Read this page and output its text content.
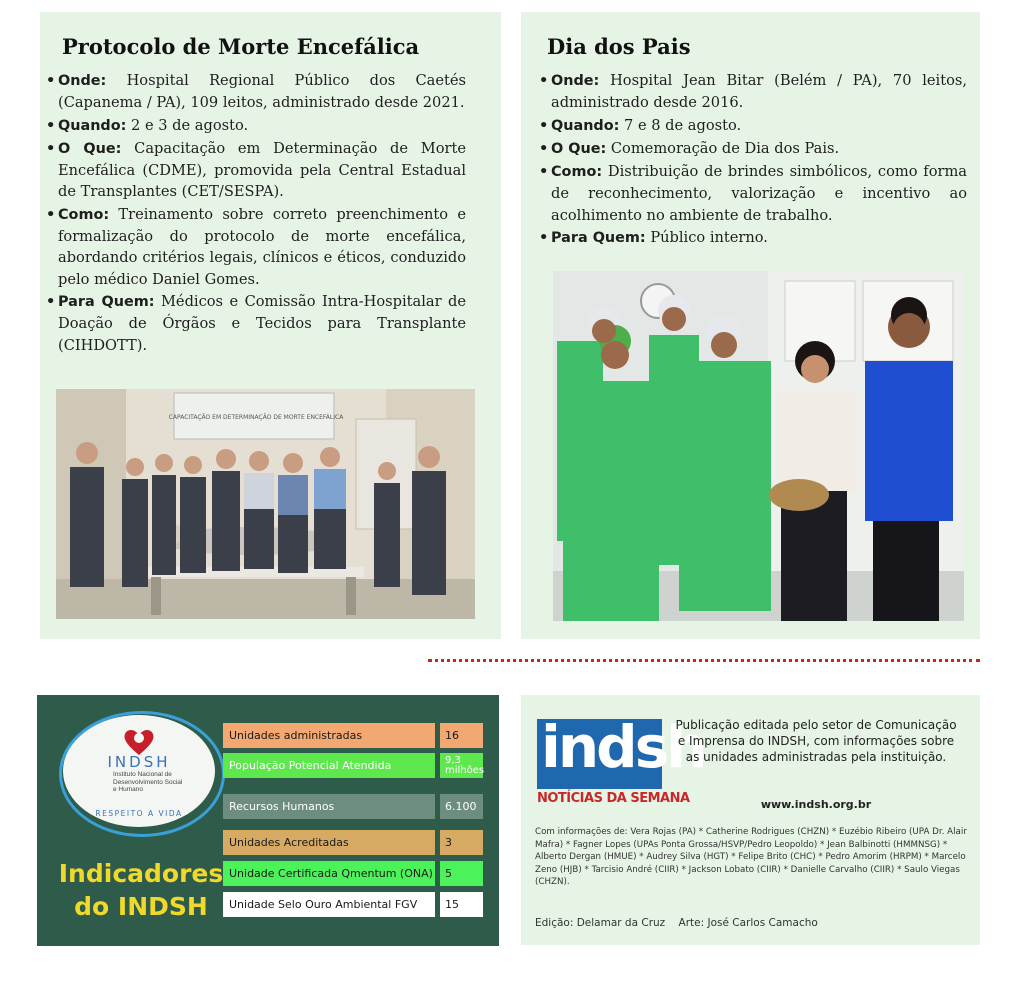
Protocolo de Morte Encefálica
• Onde: Hospital Regional Público dos Caetés (Capanema / PA), 109 leitos, administrado desde 2021.
• Quando: 2 e 3 de agosto.
• O Que: Capacitação em Determinação de Morte Encefálica (CDME), promovida pela Central Estadual de Transplantes (CET/SESPA).
• Como: Treinamento sobre correto preenchimento e formalização do protocolo de morte encefálica, abordando critérios legais, clínicos e éticos, conduzido pelo médico Daniel Gomes.
• Para Quem: Médicos e Comissão Intra-Hospitalar de Doação de Órgãos e Tecidos para Transplante (CIHDOTT).
CAPACITAÇÃO EM DETERMINAÇÃO DE MORTE ENCEFÁLICA
Dia dos Pais
• Onde: Hospital Jean Bitar (Belém / PA), 70 leitos, administrado desde 2016.
• Quando: 7 e 8 de agosto.
• O Que: Comemoração de Dia dos Pais.
• Como: Distribuição de brindes simbólicos, como forma de reconhecimento, valorização e incentivo ao acolhimento no ambiente de trabalho.
• Para Quem: Público interno.
INDSH
Instituto Nacional de Desenvolvimento Social e Humano
RESPEITO A VIDA
Indicadores
do INDSH
Unidades administradas	16
População Potencial Atendida	9,3
milhões
Recursos Humanos	6.100
Unidades Acreditadas	3
Unidade Certificada Qmentum (ONA)	5
Unidade Selo Ouro Ambiental FGV	15
indsh
NOTÍCIAS DA SEMANA
Publicação editada pelo setor de Comunicação e Imprensa do INDSH, com informações sobre as unidades administradas pela instituição.
www.indsh.org.br
Com informações de: Vera Rojas (PA) * Catherine Rodrigues (CHZN) * Euzébio Ribeiro (UPA Dr. Alair Mafra) * Fagner Lopes (UPAs Ponta Grossa/HSVP/Pedro Leopoldo) * Jean Balbinotti (HMMNSG) * Alberto Dergan (HMUE) * Audrey Silva (HGT) * Felipe Brito (CHC) * Pedro Amorim (HRPM) * Marcelo Zeno (HJB) * Tarcisio André (CIIR) * Jackson Lobato (CIIR) * Danielle Carvalho (CIIR) * Saulo Viegas (CHZN).
Edição: Delamar da Cruz Arte: José Carlos Camacho
